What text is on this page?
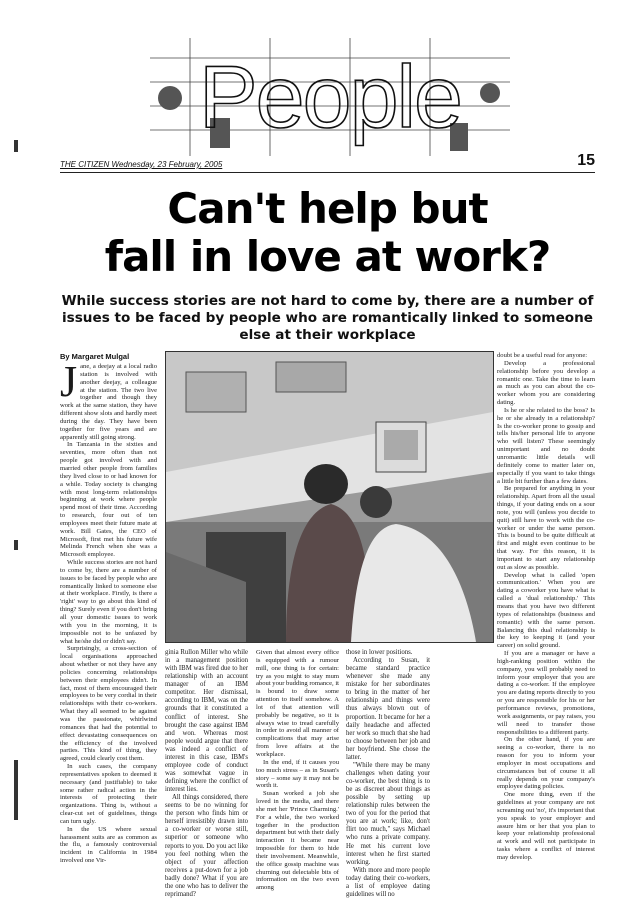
People
THE CITIZEN Wednesday, 23 February, 2005	15
Can't help but
fall in love at work?
While success stories are not hard to come by, there are a number of issues to be faced by people who are romantically linked to someone else at their workplace
By Margaret Mulgal

Jane, a deejay at a local radio station is involved with another deejay, a colleague at the station. The two live together and though they work at the same station, they have different show slots and hardly meet during the day. They have been together for five years and are apparently still going strong.

In Tanzania in the sixties and seventies, more often than not people got involved with and married other people from families they lived close to or had known for a while. Today society is changing with most long-term relationships beginning at work where people spend most of their time. According to research, four out of ten employees meet their future mate at work. Bill Gates, the CEO of Microsoft, first met his future wife Melinda French when she was a Microsoft employee.

While success stories are not hard to come by, there are a number of issues to be faced by people who are romantically linked to someone else at their workplace. Firstly, is there a 'right' way to go about this kind of thing? Surely even if you don't bring all your domestic issues to work with you in the morning, it is impossible not to be unfazed by what he/she did or didn't say.

Surprisingly, a cross-section of local organisations approached about whether or not they have any policies concerning relationships between their employees didn't. In fact, most of them encouraged their employees to be very cordial in their relationships with their co-workers. What they all seemed to be against was the passionate, whirlwind romances that had the potential to effect devastating consequences on the efficiency of the involved parties. This kind of thing, they agreed, could clearly cost them.

In such cases, the company representatives spoken to deemed it necessary (and justifiable) to take some rather radical action in the interests of protecting their organizations. Thing is, without a clear-cut set of guidelines, things can turn ugly.

In the US where sexual harassment suits are as common as the flu, a famously controversial incident in California in 1984 involved one Vir-

ginia Rullon Miller who while in a management position with IBM was fired due to her relationship with an account manager of an IBM competitor. Her dismissal, according to IBM, was on the grounds that it constituted a conflict of interest. She brought the case against IBM and won. Whereas most people would argue that there was indeed a conflict of interest in this case, IBM's employee code of conduct was somewhat vague in defining where the conflict of interest lies.

All things considered, there seems to be no winning for the person who finds him or herself irresistibly drawn into a co-worker or worse still, superior or someone who reports to you. Do you act like you feel nothing when the object of your affection receives a put-down for a job badly done? What if you are the one who has to deliver the reprimand?

Given that almost every office is equipped with a rumour mill, one thing is for certain: try as you might to stay mum about your budding romance, it is bound to draw some attention to itself somehow. A lot of that attention will probably be negative, so it is always wise to tread carefully in order to avoid all manner of complications that may arise from love affairs at the workplace.

In the end, if it causes you too much stress – as in Susan's story – some say it may not be worth it.

Susan worked a job she loved in the media, and there she met her 'Prince Charming.' For a while, the two worked together in the production department but with their daily interaction it became near impossible for them to hide their involvement. Meanwhile, the office gossip machine was churning out delectable bits of information on the two even among

those in lower positions.

According to Susan, it became standard practice whenever she made any mistake for her subordinates to bring in the matter of her relationship and things were thus always blown out of proportion. It became for her a daily headache and affected her work so much that she had to choose between her job and her boyfriend. She chose the latter.

"While there may be many challenges when dating your co-worker, the best thing is to be as discreet about things as possible by setting up relationship rules between the two of you for the period that you are at work; like, don't flirt too much," says Michael who runs a private company. He met his current love interest when he first started working.

With more and more people today dating their co-workers, a list of employee dating guidelines will no

doubt be a useful read for anyone:

Develop a professional relationship before you develop a romantic one. Take the time to learn as much as you can about the co-worker whom you are considering dating.

Is he or she related to the boss? Is he or she already in a relationship? Is the co-worker prone to gossip and tells his/her personal life to anyone who will listen? These seemingly unimportant and no doubt unromantic little details will definitely come to matter later on, especially if you want to take things a little bit further than a few dates.

Be prepared for anything in your relationship. Apart from all the usual things, if your dating ends on a sour note, you will (unless you decide to quit) still have to work with the co-worker or under the same person. This is bound to be quite difficult at first and might even continue to be that way. For this reason, it is important to start any relationship out as slow as possible.

Develop what is called 'open communication.' When you are dating a coworker you have what is called a 'dual relationship.' This means that you have two different types of relationships (business and romantic) with the same person. Balancing this dual relationship is the key to keeping it (and your career) on solid ground.

If you are a manager or have a high-ranking position within the company, you will probably need to inform your employer that you are dating a co-worker. If the employee you are dating reports directly to you or you are responsible for his or her performance reviews, promotions, work assignments, or pay raises, you will need to transfer those responsibilities to a different party.

On the other hand, if you are seeing a co-worker, there is no reason for you to inform your employer in most occupations and circumstances but of course it all really depends on your company's employee dating policies.

One more thing, even if the guidelines at your company are not screaming out 'no', it's important that you speak to your employer and assure him or her that you plan to keep your relationship professional at work and will not participate in tasks where a conflict of interest may develop.
